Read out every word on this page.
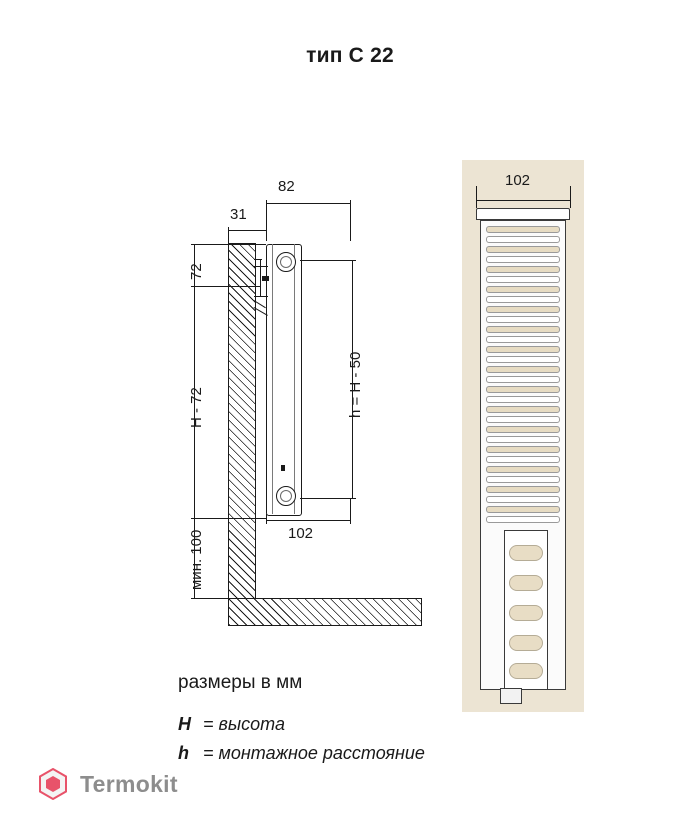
тип C 22
82
31
72
H - 72
мин. 100
h = H - 50
102
102
размеры в мм
H = высота
h = монтажное расстояние
Termokit
